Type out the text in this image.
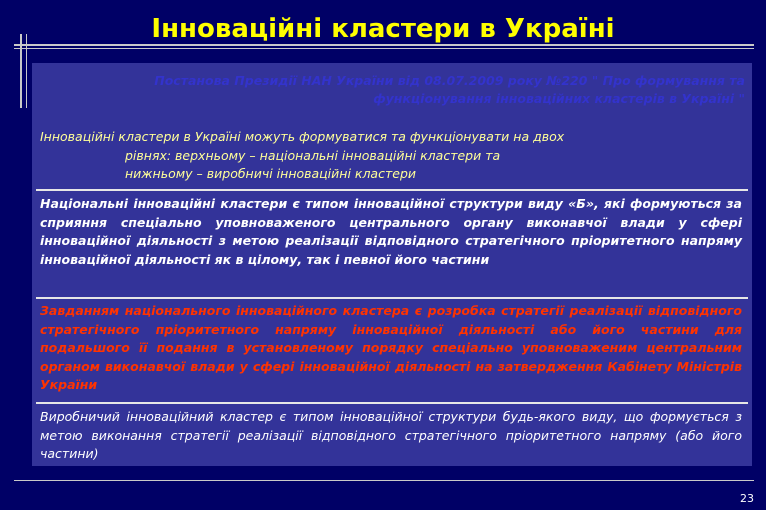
Інноваційні кластери в Україні
Постанова Президії НАН України від 08.07.2009 року №220 " Про формування та функціонування інноваційних кластерів в Україні "
Інноваційні кластери в Україні можуть формуватися та функціонувати на двох
рівнях: верхньому – національні інноваційні кластери та
нижньому – виробничі інноваційні кластери
Національні інноваційні кластери є типом інноваційної структури виду «Б», які формуються за сприяння спеціально уповноваженого центрального органу виконавчої влади у сфері інноваційної діяльності з метою реалізації відповідного стратегічного пріоритетного напряму інноваційної діяльності як в цілому, так і певної його частини
Завданням національного інноваційного кластера є розробка стратегії реалізації відповідного стратегічного пріоритетного напряму інноваційної діяльності або його частини для подальшого її подання в установленому порядку спеціально уповноваженим центральним органом виконавчої влади у сфері інноваційної діяльності на затвердження Кабінету Міністрів України
Виробничий інноваційний кластер є типом інноваційної структури будь-якого виду, що формується з метою виконання стратегії реалізації відповідного стратегічного пріоритетного напряму (або його частини)
23
